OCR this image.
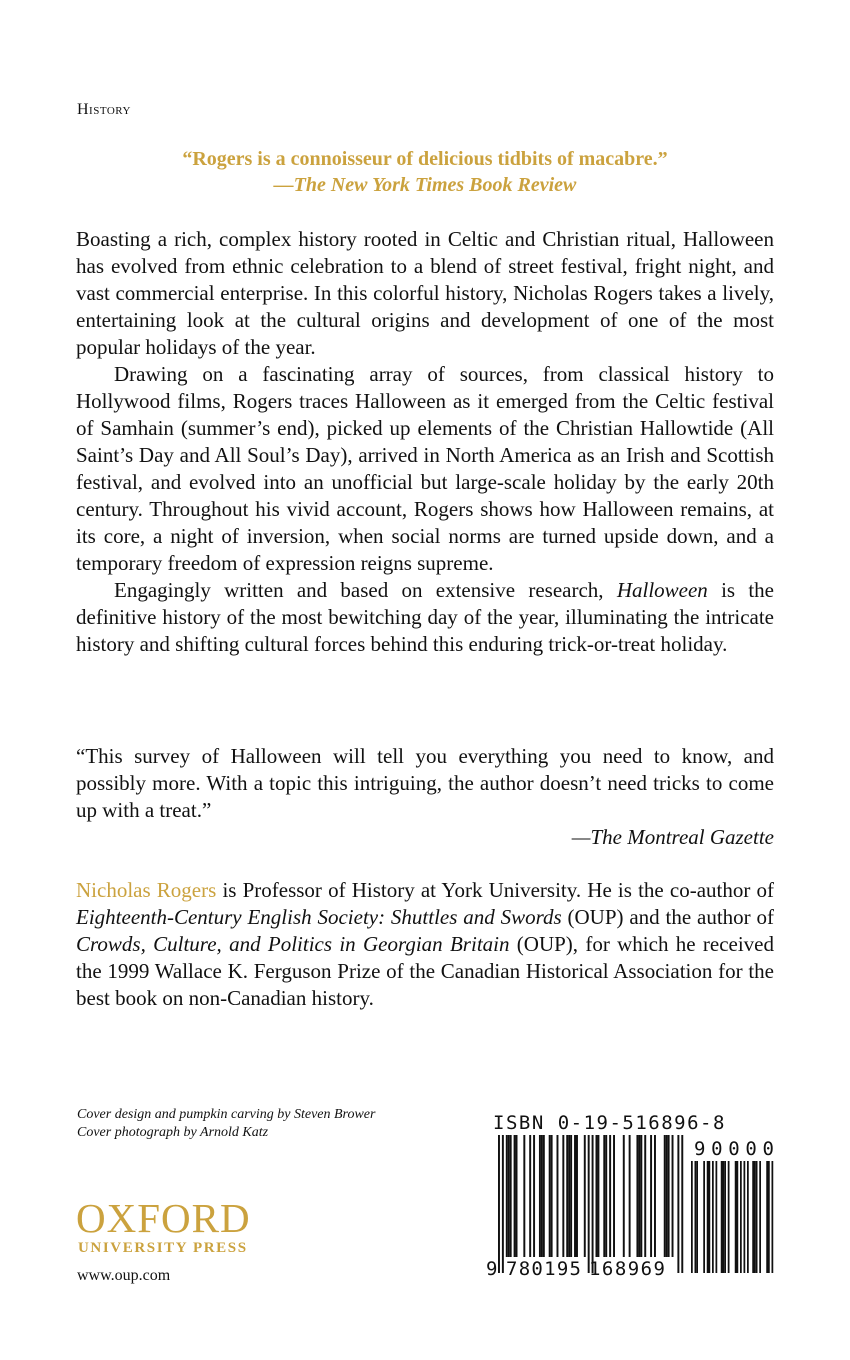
History
“Rogers is a connoisseur of delicious tidbits of macabre.”
—The New York Times Book Review

Boasting a rich, complex history rooted in Celtic and Christian ritual, Halloween has evolved from ethnic celebration to a blend of street festival, fright night, and vast commercial enterprise. In this colorful history, Nicholas Rogers takes a lively, entertaining look at the cultural origins and development of one of the most popular holidays of the year.

Drawing on a fascinating array of sources, from classical history to Hollywood films, Rogers traces Halloween as it emerged from the Celtic festival of Samhain (summer’s end), picked up elements of the Christian Hallowtide (All Saint’s Day and All Soul’s Day), arrived in North America as an Irish and Scottish festival, and evolved into an unofficial but large-scale holiday by the early 20th century. Throughout his vivid account, Rogers shows how Halloween remains, at its core, a night of inversion, when social norms are turned upside down, and a temporary freedom of expression reigns supreme.

Engagingly written and based on extensive research, Halloween is the definitive history of the most bewitching day of the year, illuminating the intricate history and shifting cultural forces behind this enduring trick-or-treat holiday.

“This survey of Halloween will tell you everything you need to know, and possibly more. With a topic this intriguing, the author doesn’t need tricks to come up with a treat.”

—The Montreal Gazette

Nicholas Rogers is Professor of History at York University. He is the co-author of Eighteenth-Century English Society: Shuttles and Swords (OUP) and the author of Crowds, Culture, and Politics in Georgian Britain (OUP), for which he received the 1999 Wallace K. Ferguson Prize of the Canadian Historical Association for the best book on non-Canadian history.
Cover design and pumpkin carving by Steven Brower
Cover photograph by Arnold Katz
OXFORD
UNIVERSITY PRESS
www.oup.com
ISBN 0-19-516896-8
9 780195 168969
90000
